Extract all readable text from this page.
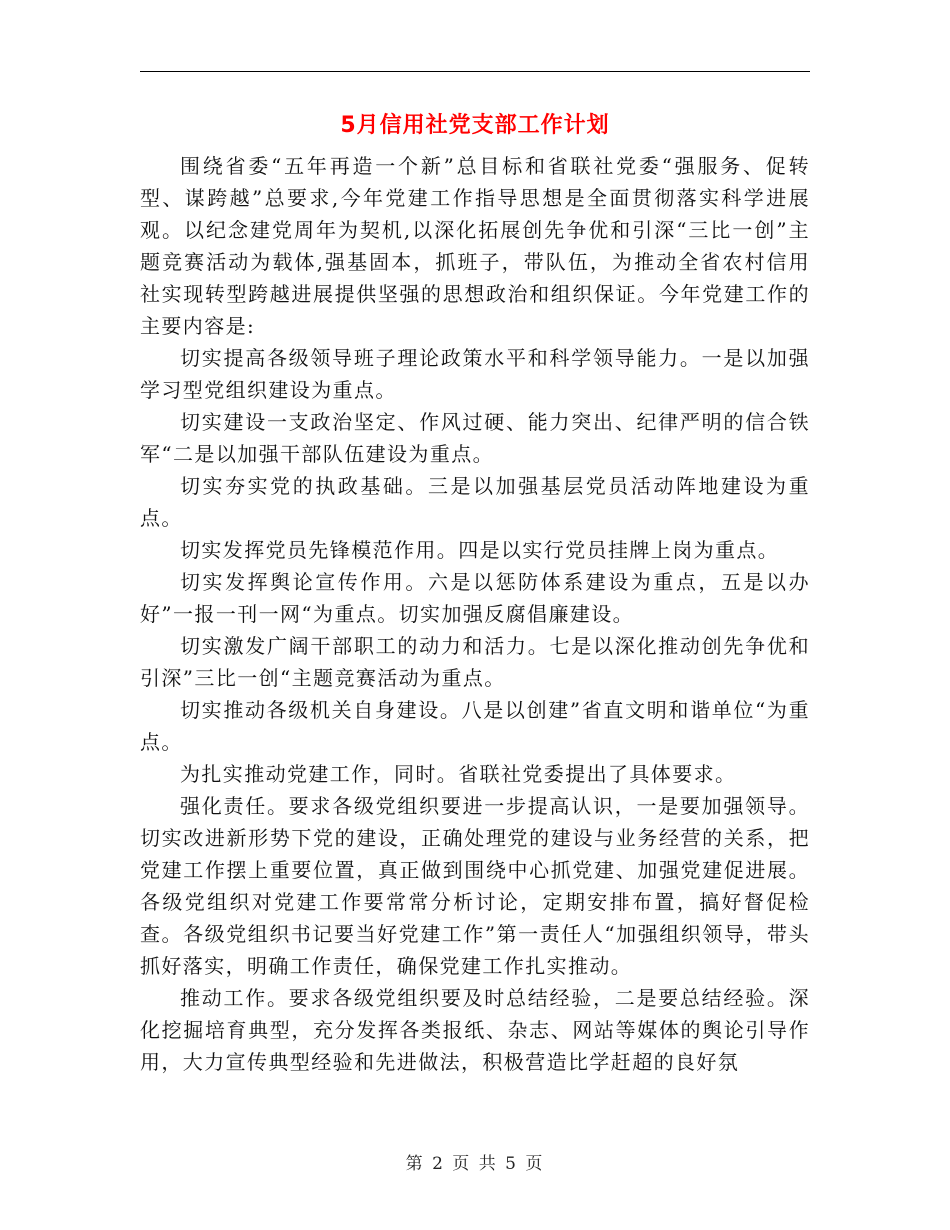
5月信用社党支部工作计划

围绕省委“五年再造一个新”总目标和省联社党委“强服务、促转型、谋跨越”总要求,今年党建工作指导思想是全面贯彻落实科学进展观。以纪念建党周年为契机,以深化拓展创先争优和引深“三比一创”主题竞赛活动为载体,强基固本，抓班子，带队伍，为推动全省农村信用社实现转型跨越进展提供坚强的思想政治和组织保证。今年党建工作的主要内容是:

切实提高各级领导班子理论政策水平和科学领导能力。一是以加强学习型党组织建设为重点。

切实建设一支政治坚定、作风过硬、能力突出、纪律严明的信合铁军“二是以加强干部队伍建设为重点。

切实夯实党的执政基础。三是以加强基层党员活动阵地建设为重点。

切实发挥党员先锋模范作用。四是以实行党员挂牌上岗为重点。

切实发挥舆论宣传作用。六是以惩防体系建设为重点，五是以办好”一报一刊一网“为重点。切实加强反腐倡廉建设。

切实激发广阔干部职工的动力和活力。七是以深化推动创先争优和引深”三比一创“主题竞赛活动为重点。

切实推动各级机关自身建设。八是以创建”省直文明和谐单位“为重点。

为扎实推动党建工作，同时。省联社党委提出了具体要求。

强化责任。要求各级党组织要进一步提高认识，一是要加强领导。切实改进新形势下党的建设，正确处理党的建设与业务经营的关系，把党建工作摆上重要位置，真正做到围绕中心抓党建、加强党建促进展。各级党组织对党建工作要常常分析讨论，定期安排布置，搞好督促检查。各级党组织书记要当好党建工作”第一责任人“加强组织领导，带头抓好落实，明确工作责任，确保党建工作扎实推动。

推动工作。要求各级党组织要及时总结经验，二是要总结经验。深化挖掘培育典型，充分发挥各类报纸、杂志、网站等媒体的舆论引导作用，大力宣传典型经验和先进做法，积极营造比学赶超的良好氛

第 2 页 共 5 页
